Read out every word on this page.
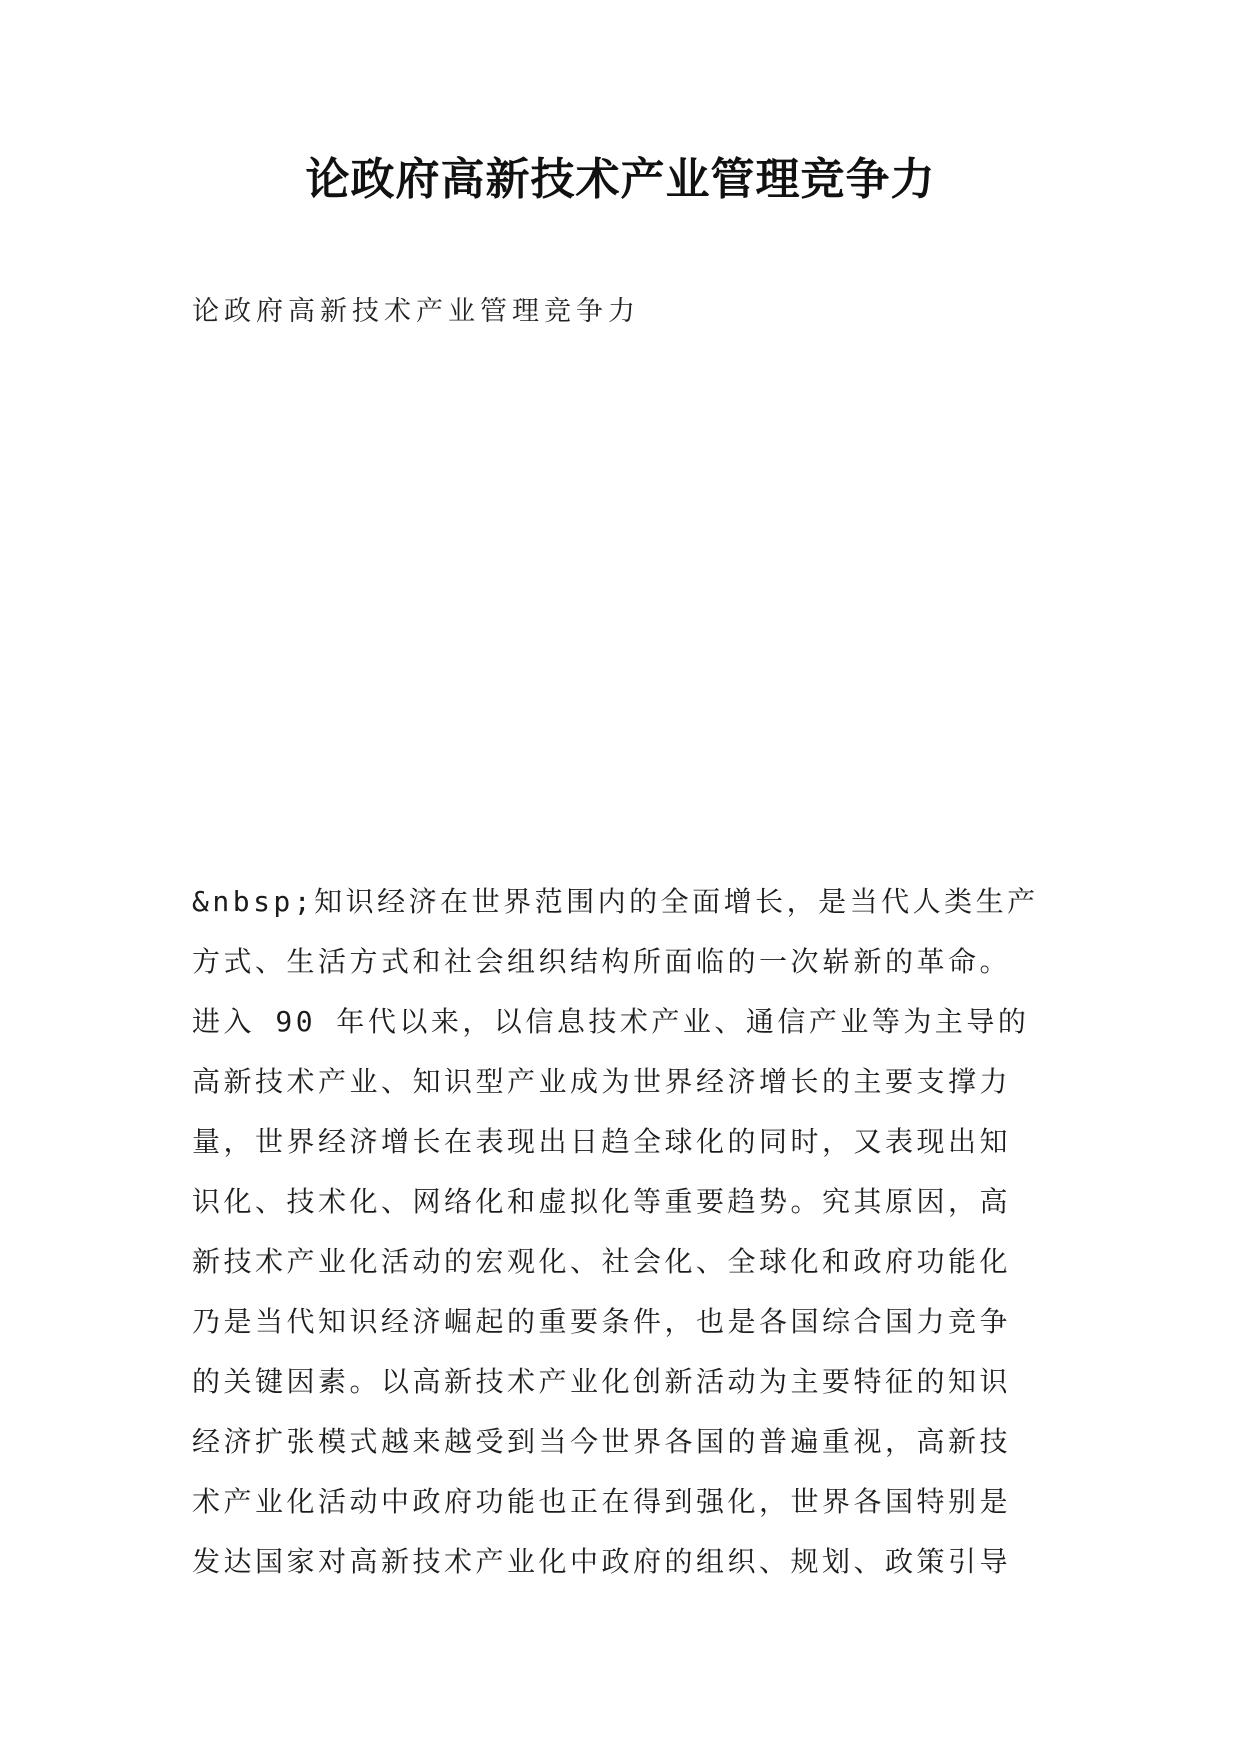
论政府高新技术产业管理竞争力
论政府高新技术产业管理竞争力
&nbsp;知识经济在世界范围内的全面增长，是当代人类生产
方式、生活方式和社会组织结构所面临的一次崭新的革命。
进入 90 年代以来，以信息技术产业、通信产业等为主导的
高新技术产业、知识型产业成为世界经济增长的主要支撑力
量，世界经济增长在表现出日趋全球化的同时，又表现出知
识化、技术化、网络化和虚拟化等重要趋势。究其原因，高
新技术产业化活动的宏观化、社会化、全球化和政府功能化
乃是当代知识经济崛起的重要条件，也是各国综合国力竞争
的关键因素。以高新技术产业化创新活动为主要特征的知识
经济扩张模式越来越受到当今世界各国的普遍重视，高新技
术产业化活动中政府功能也正在得到强化，世界各国特别是
发达国家对高新技术产业化中政府的组织、规划、政策引导
